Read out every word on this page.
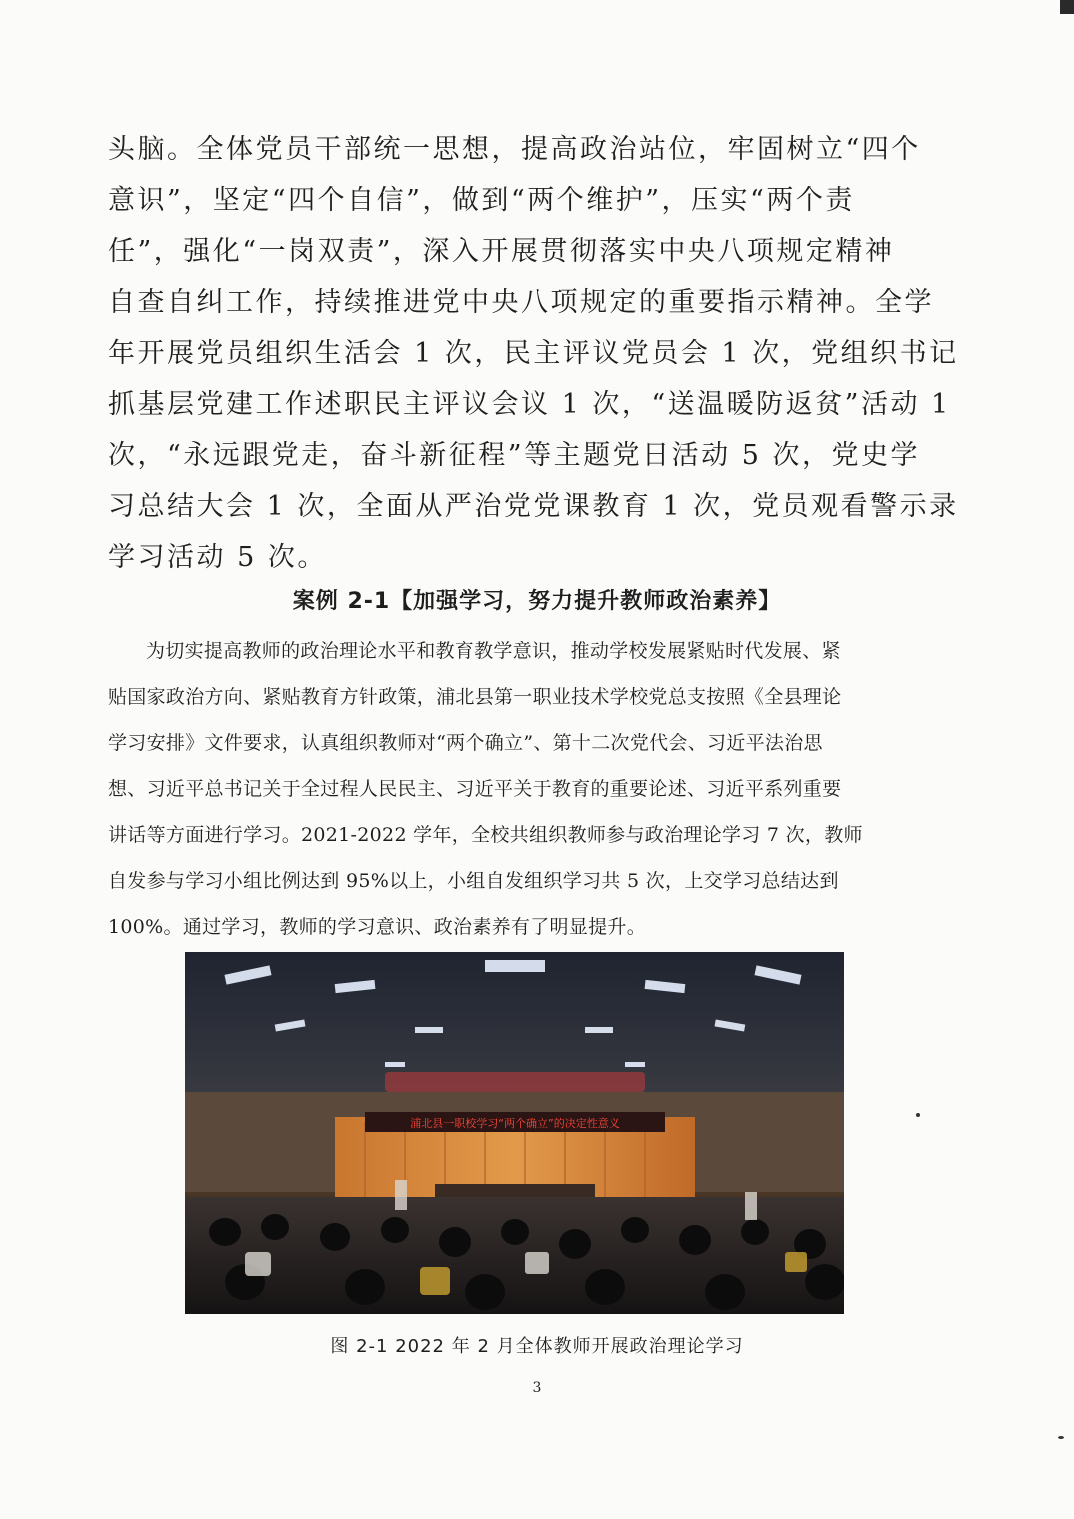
头脑。全体党员干部统一思想，提高政治站位，牢固树立“四个
意识”，坚定“四个自信”，做到“两个维护”，压实“两个责
任”，强化“一岗双责”，深入开展贯彻落实中央八项规定精神
自查自纠工作，持续推进党中央八项规定的重要指示精神。全学
年开展党员组织生活会 1 次，民主评议党员会 1 次，党组织书记
抓基层党建工作述职民主评议会议 1 次，“送温暖防返贫”活动 1
次，“永远跟党走，奋斗新征程”等主题党日活动 5 次，党史学
习总结大会 1 次，全面从严治党党课教育 1 次，党员观看警示录
学习活动 5 次。
案例 2-1【加强学习，努力提升教师政治素养】
为切实提高教师的政治理论水平和教育教学意识，推动学校发展紧贴时代发展、紧
贴国家政治方向、紧贴教育方针政策，浦北县第一职业技术学校党总支按照《全县理论
学习安排》文件要求，认真组织教师对“两个确立”、第十二次党代会、习近平法治思
想、习近平总书记关于全过程人民民主、习近平关于教育的重要论述、习近平系列重要
讲话等方面进行学习。2021-2022 学年，全校共组织教师参与政治理论学习 7 次，教师
自发参与学习小组比例达到 95%以上，小组自发组织学习共 5 次，上交学习总结达到
100%。通过学习，教师的学习意识、政治素养有了明显提升。
浦北县一职校学习“两个确立”的决定性意义
图 2-1 2022 年 2 月全体教师开展政治理论学习
3
